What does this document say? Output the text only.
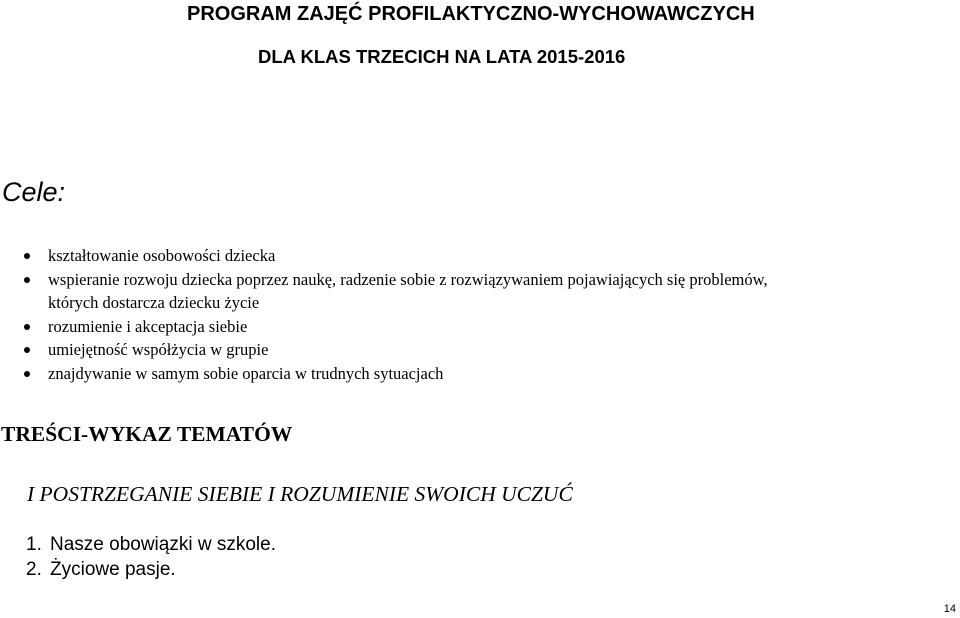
PROGRAM ZAJĘĆ PROFILAKTYCZNO-WYCHOWAWCZYCH
DLA KLAS TRZECICH NA LATA 2015-2016
Cele:
kształtowanie osobowości dziecka
wspieranie rozwoju dziecka poprzez naukę, radzenie sobie z rozwiązywaniem pojawiających się problemów,
których dostarcza dziecku życie
rozumienie i akceptacja siebie
umiejętność współżycia w grupie
znajdywanie w samym sobie oparcia w trudnych sytuacjach
TREŚCI-WYKAZ TEMATÓW
I POSTRZEGANIE SIEBIE I ROZUMIENIE SWOICH UCZUĆ
1. Nasze obowiązki w szkole.
2. Życiowe pasje.
14
